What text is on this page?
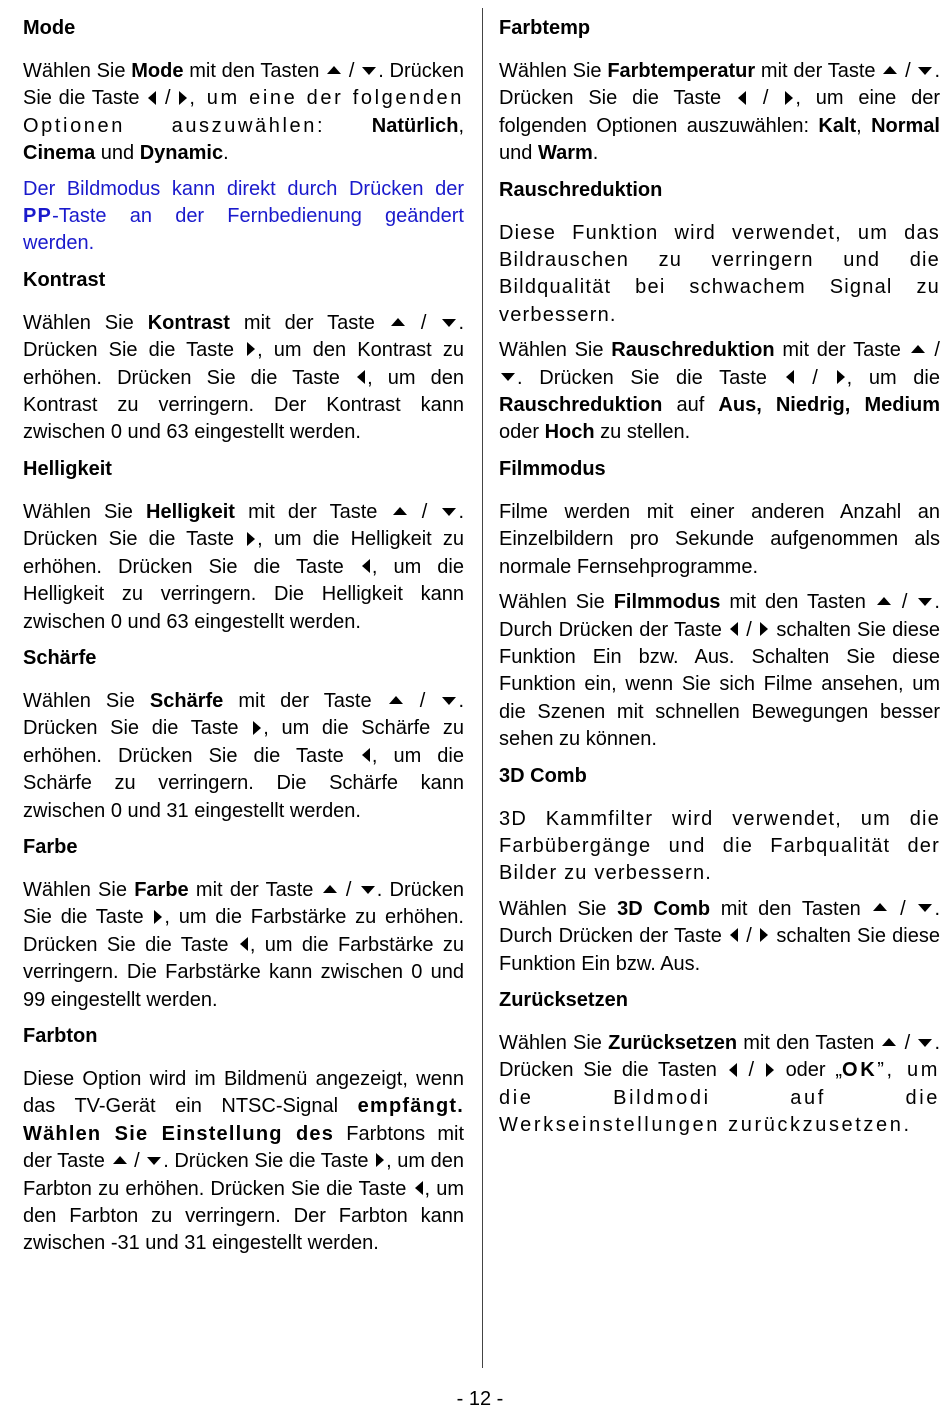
Mode

Wählen Sie Mode mit den Tasten  / . Drücken Sie die Taste  / , um eine der folgenden Optionen auszuwählen: Natürlich, Cinema und Dynamic.

Der Bildmodus kann direkt durch Drücken der PP-Taste an der Fernbedienung geändert werden.

Kontrast

Wählen Sie Kontrast mit der Taste  / . Drücken Sie die Taste , um den Kontrast zu erhöhen. Drücken Sie die Taste , um den Kontrast zu verringern. Der Kontrast kann zwischen 0 und 63 eingestellt werden.

Helligkeit

Wählen Sie Helligkeit mit der Taste  / . Drücken Sie die Taste , um die Helligkeit zu erhöhen. Drücken Sie die Taste , um die Helligkeit zu verringern. Die Helligkeit kann zwischen 0 und 63 eingestellt werden.

Schärfe

Wählen Sie Schärfe mit der Taste  / . Drücken Sie die Taste , um die Schärfe zu erhöhen. Drücken Sie die Taste , um die Schärfe zu verringern. Die Schärfe kann zwischen 0 und 31 eingestellt werden.

Farbe

Wählen Sie Farbe mit der Taste  / . Drücken Sie die Taste , um die Farbstärke zu erhöhen. Drücken Sie die Taste , um die Farbstärke zu verringern. Die Farbstärke kann zwischen 0 und 99 eingestellt werden.

Farbton

Diese Option wird im Bildmenü angezeigt, wenn das TV-Gerät ein NTSC-Signal empfängt. Wählen Sie Einstellung des Farbtons mit der Taste  / . Drücken Sie die Taste , um den Farbton zu erhöhen. Drücken Sie die Taste , um den Farbton zu verringern. Der Farbton kann zwischen -31 und 31 eingestellt werden.

Farbtemp

Wählen Sie Farbtemperatur mit der Taste  / . Drücken Sie die Taste  / , um eine der folgenden Optionen auszuwählen: Kalt, Normal und Warm.

Rauschreduktion

Diese Funktion wird verwendet, um das Bildrauschen zu verringern und die Bildqualität bei schwachem Signal zu verbessern.

Wählen Sie Rauschreduktion mit der Taste  / . Drücken Sie die Taste  / , um die Rauschreduktion auf Aus, Niedrig, Medium oder Hoch zu stellen.

Filmmodus

Filme werden mit einer anderen Anzahl an Einzelbildern pro Sekunde aufgenommen als normale Fernsehprogramme.

Wählen Sie Filmmodus mit den Tasten  / . Durch Drücken der Taste  /  schalten Sie diese Funktion Ein bzw. Aus. Schalten Sie diese Funktion ein, wenn Sie sich Filme ansehen, um die Szenen mit schnellen Bewegungen besser sehen zu können.

3D Comb

3D Kammfilter wird verwendet, um die Farbübergänge und die Farbqualität der Bilder zu verbessern.

Wählen Sie 3D Comb mit den Tasten  / . Durch Drücken der Taste  /  schalten Sie diese Funktion Ein bzw. Aus.

Zurücksetzen

Wählen Sie Zurücksetzen mit den Tasten  / . Drücken Sie die Tasten  /  oder „OK”, um die Bildmodi auf die Werkseinstellungen zurückzusetzen.

- 12 -
